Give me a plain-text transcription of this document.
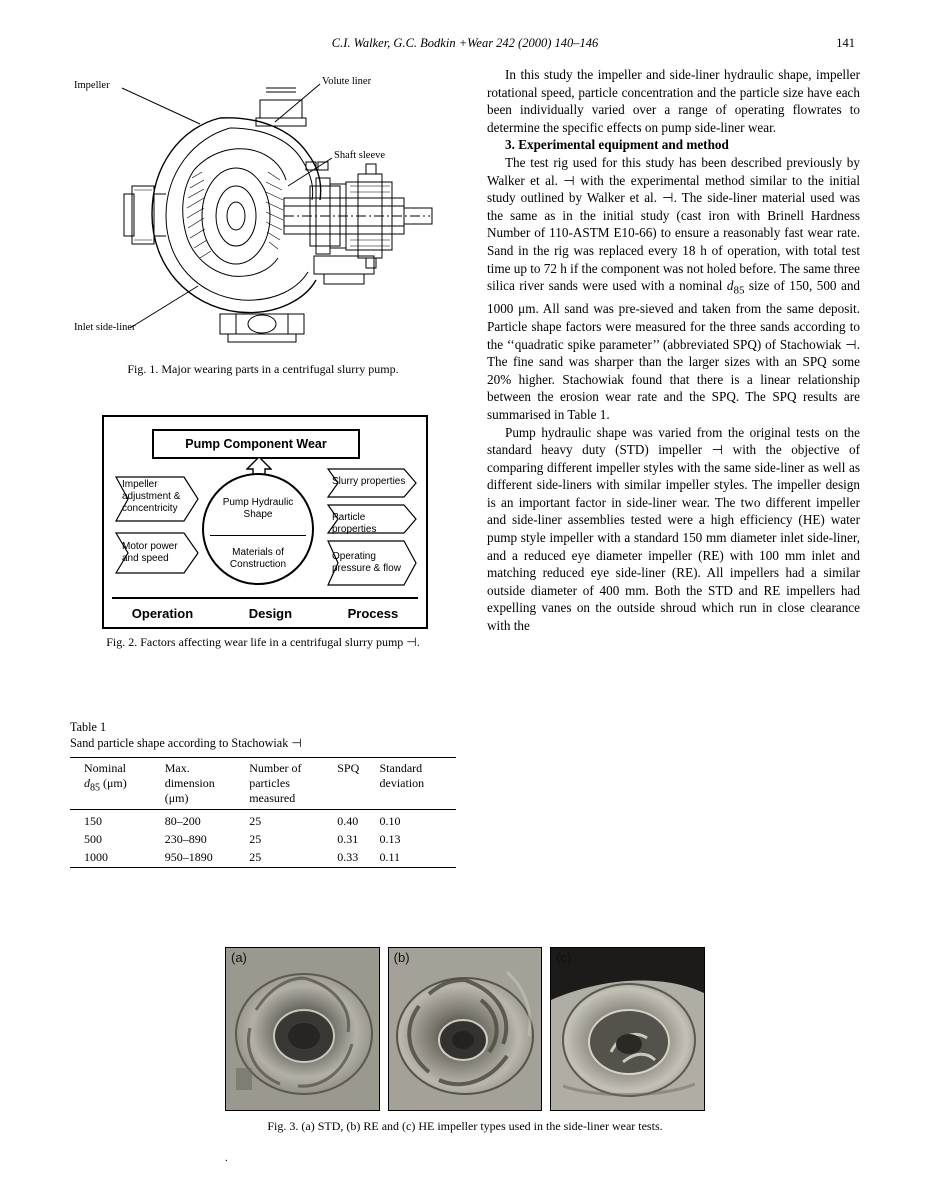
C.I. Walker, G.C. Bodkin +Wear 242 (2000) 140–146	141
Impeller	Volute liner
Shaft sleeve
Inlet side-liner
Fig. 1. Major wearing parts in a centrifugal slurry pump.
Pump Component Wear
Pump Hydraulic
Shape
Materials of
Construction
Impeller
adjustment &
concentricity
Motor power
and speed
Slurry properties
Particle properties
Operating
pressure & flow
Operation	Design	Process
Fig. 2. Factors affecting wear life in a centrifugal slurry pump ⊣.
Table 1
Sand particle shape according to Stachowiak ⊣
Nominal
$d_{85}$ (μm)	Max.
dimension
(μm)	Number of
particles
measured	SPQ	Standard
deviation
150	80–200	25	0.40	0.10
500	230–890	25	0.31	0.13
1000	950–1890	25	0.33	0.11

In this study the impeller and side-liner hydraulic shape, impeller rotational speed, particle concentration and the particle size have each been individually varied over a range of operating flowrates to determine the specific effects on pump side-liner wear.

3. Experimental equipment and method

The test rig used for this study has been described previously by Walker et al. ⊣ with the experimental method similar to the initial study outlined by Walker et al. ⊣. The side-liner material used was the same as in the initial study (cast iron with Brinell Hardness Number of 110-ASTM E10-66) to ensure a reasonably fast wear rate. Sand in the rig was replaced every 18 h of operation, with total test time up to 72 h if the component was not holed before. The same three silica river sands were used with a nominal $d_{85}$ size of 150, 500 and 1000 μm. All sand was pre-sieved and taken from the same deposit. Particle shape factors were measured for the three sands according to the ‘‘quadratic spike parameter’’ (abbreviated SPQ) of Stachowiak ⊣. The fine sand was sharper than the larger sizes with an SPQ some 20% higher. Stachowiak found that there is a linear relationship between the erosion wear rate and the SPQ. The SPQ results are summarised in Table 1.

Pump hydraulic shape was varied from the original tests on the standard heavy duty (STD) impeller ⊣ with the objective of comparing different impeller styles with the same side-liner as well as different side-liners with similar impeller styles. The impeller design is an important factor in side-liner wear. The two different impeller and side-liner assemblies tested were a high efficiency (HE) water pump style impeller with a standard 150 mm diameter inlet side-liner, and a reduced eye diameter impeller (RE) with 100 mm inlet and matching reduced eye side-liner (RE). All impellers had a similar outside diameter of 400 mm. Both the STD and RE impellers had expelling vanes on the outside shroud which run in close clearance with the

(a)	(b)	(c)
Fig. 3. (a) STD, (b) RE and (c) HE impeller types used in the side-liner wear tests.
.
